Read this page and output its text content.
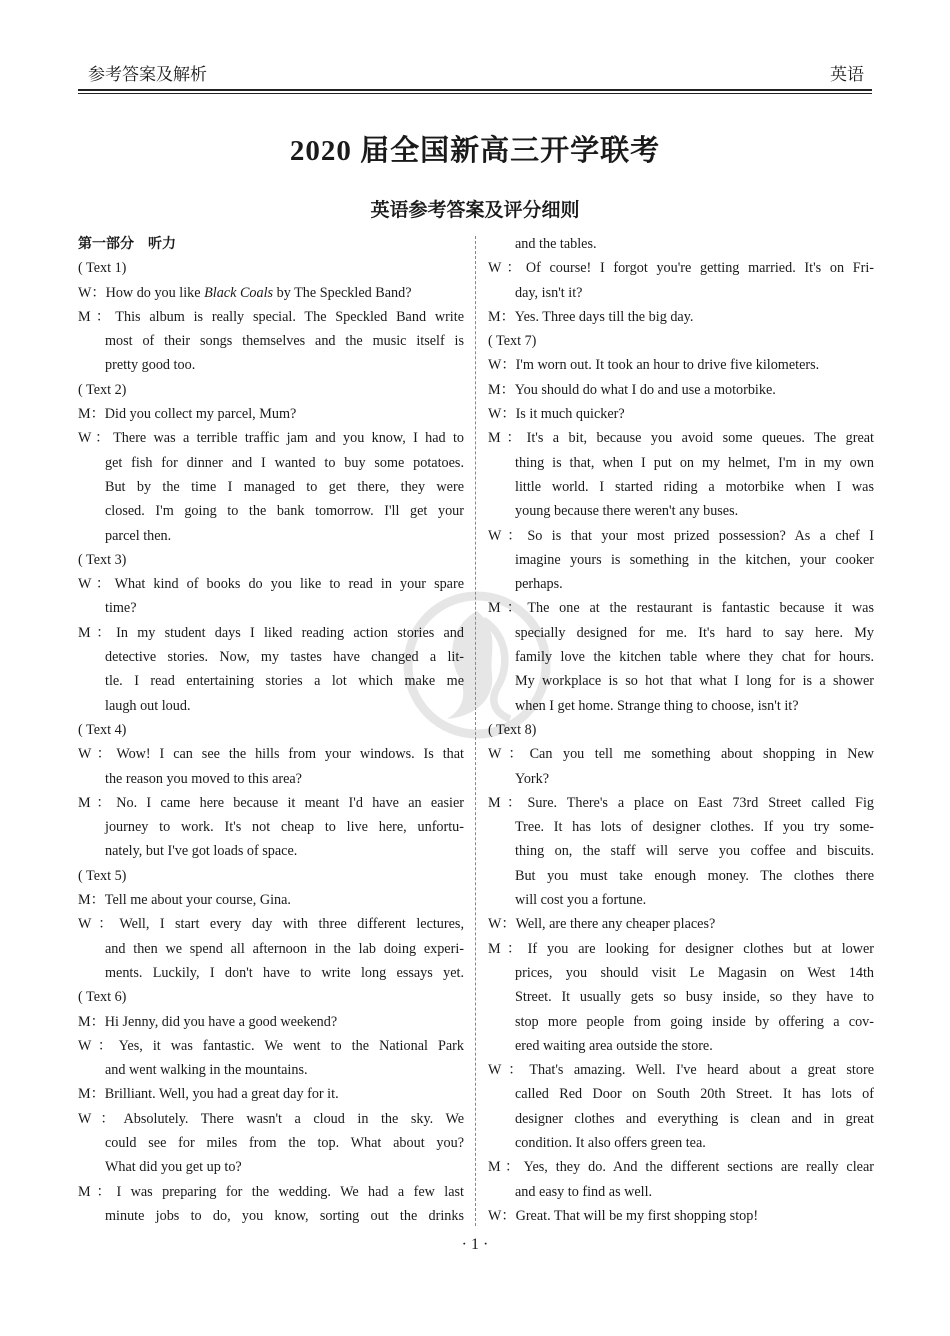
参考答案及解析	英语
2020 届全国新高三开学联考
英语参考答案及评分细则
第一部分　听力
( Text 1)
W：How do you like Black Coals by The Speckled Band?
M：This album is really special. The Speckled Band write
most of their songs themselves and the music itself is
pretty good too.
( Text 2)
M：Did you collect my parcel, Mum?
W：There was a terrible traffic jam and you know, I had to
get fish for dinner and I wanted to buy some potatoes.
But by the time I managed to get there, they were
closed. I'm going to the bank tomorrow. I'll get your
parcel then.
( Text 3)
W：What kind of books do you like to read in your spare
time?
M：In my student days I liked reading action stories and
detective stories. Now, my tastes have changed a lit-
tle. I read entertaining stories a lot which make me
laugh out loud.
( Text 4)
W：Wow! I can see the hills from your windows. Is that
the reason you moved to this area?
M：No. I came here because it meant I'd have an easier
journey to work. It's not cheap to live here, unfortu-
nately, but I've got loads of space.
( Text 5)
M：Tell me about your course, Gina.
W：Well, I start every day with three different lectures,
and then we spend all afternoon in the lab doing experi-
ments. Luckily, I don't have to write long essays yet.
( Text 6)
M：Hi Jenny, did you have a good weekend?
W：Yes, it was fantastic. We went to the National Park
and went walking in the mountains.
M：Brilliant. Well, you had a great day for it.
W：Absolutely. There wasn't a cloud in the sky. We
could see for miles from the top. What about you?
What did you get up to?
M：I was preparing for the wedding. We had a few last
minute jobs to do, you know, sorting out the drinks
and the tables.
W：Of course! I forgot you're getting married. It's on Fri-
day, isn't it?
M：Yes. Three days till the big day.
( Text 7)
W：I'm worn out. It took an hour to drive five kilometers.
M：You should do what I do and use a motorbike.
W：Is it much quicker?
M：It's a bit, because you avoid some queues. The great
thing is that, when I put on my helmet, I'm in my own
little world. I started riding a motorbike when I was
young because there weren't any buses.
W：So is that your most prized possession? As a chef I
imagine yours is something in the kitchen, your cooker
perhaps.
M：The one at the restaurant is fantastic because it was
specially designed for me. It's hard to say here. My
family love the kitchen table where they chat for hours.
My workplace is so hot that what I long for is a shower
when I get home. Strange thing to choose, isn't it?
( Text 8)
W：Can you tell me something about shopping in New
York?
M：Sure. There's a place on East 73rd Street called Fig
Tree. It has lots of designer clothes. If you try some-
thing on, the staff will serve you coffee and biscuits.
But you must take enough money. The clothes there
will cost you a fortune.
W：Well, are there any cheaper places?
M：If you are looking for designer clothes but at lower
prices, you should visit Le Magasin on West 14th
Street. It usually gets so busy inside, so they have to
stop more people from going inside by offering a cov-
ered waiting area outside the store.
W：That's amazing. Well. I've heard about a great store
called Red Door on South 20th Street. It has lots of
designer clothes and everything is clean and in great
condition. It also offers green tea.
M：Yes, they do. And the different sections are really clear
and easy to find as well.
W：Great. That will be my first shopping stop!
· 1 ·
